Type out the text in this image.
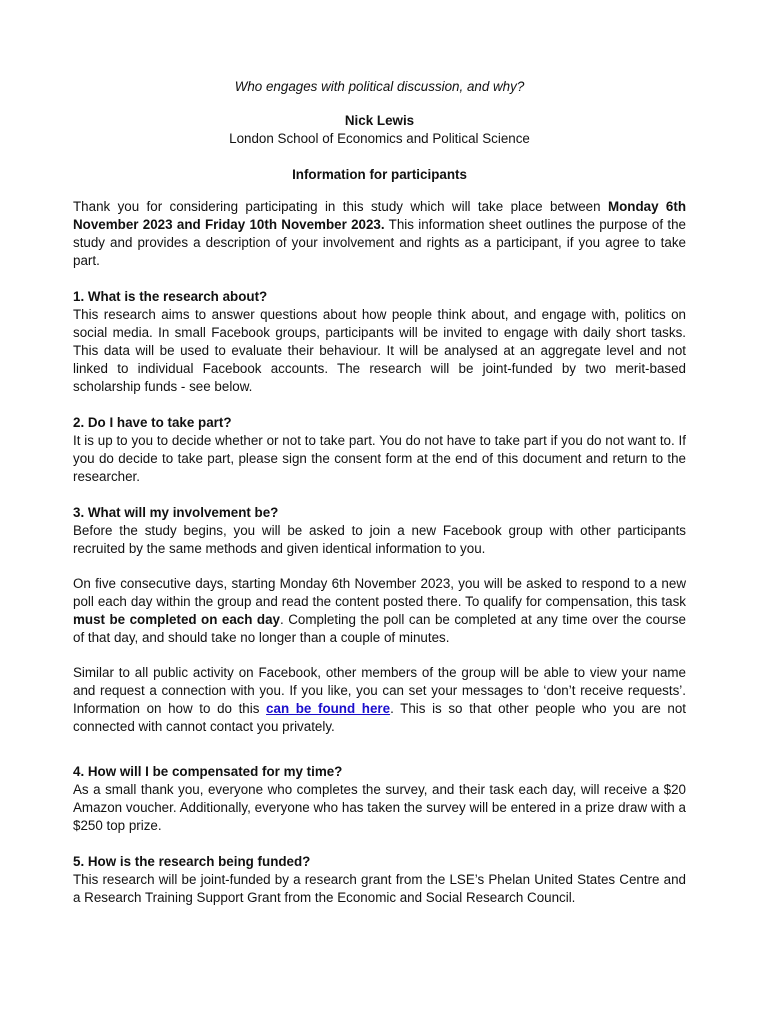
Who engages with political discussion, and why?

Nick Lewis

London School of Economics and Political Science

Information for participants

Thank you for considering participating in this study which will take place between Monday 6th November 2023 and Friday 10th November 2023. This information sheet outlines the purpose of the study and provides a description of your involvement and rights as a participant, if you agree to take part.

1. What is the research about?

This research aims to answer questions about how people think about, and engage with, politics on social media. In small Facebook groups, participants will be invited to engage with daily short tasks. This data will be used to evaluate their behaviour. It will be analysed at an aggregate level and not linked to individual Facebook accounts. The research will be joint-funded by two merit-based scholarship funds - see below.

2. Do I have to take part?

It is up to you to decide whether or not to take part. You do not have to take part if you do not want to. If you do decide to take part, please sign the consent form at the end of this document and return to the researcher.

3. What will my involvement be?

Before the study begins, you will be asked to join a new Facebook group with other participants recruited by the same methods and given identical information to you.

On five consecutive days, starting Monday 6th November 2023, you will be asked to respond to a new poll each day within the group and read the content posted there. To qualify for compensation, this task must be completed on each day. Completing the poll can be completed at any time over the course of that day, and should take no longer than a couple of minutes.

Similar to all public activity on Facebook, other members of the group will be able to view your name and request a connection with you. If you like, you can set your messages to ‘don’t receive requests’. Information on how to do this can be found here. This is so that other people who you are not connected with cannot contact you privately.

4. How will I be compensated for my time?

As a small thank you, everyone who completes the survey, and their task each day, will receive a $20 Amazon voucher. Additionally, everyone who has taken the survey will be entered in a prize draw with a $250 top prize.

5. How is the research being funded?

This research will be joint-funded by a research grant from the LSE’s Phelan United States Centre and a Research Training Support Grant from the Economic and Social Research Council.
